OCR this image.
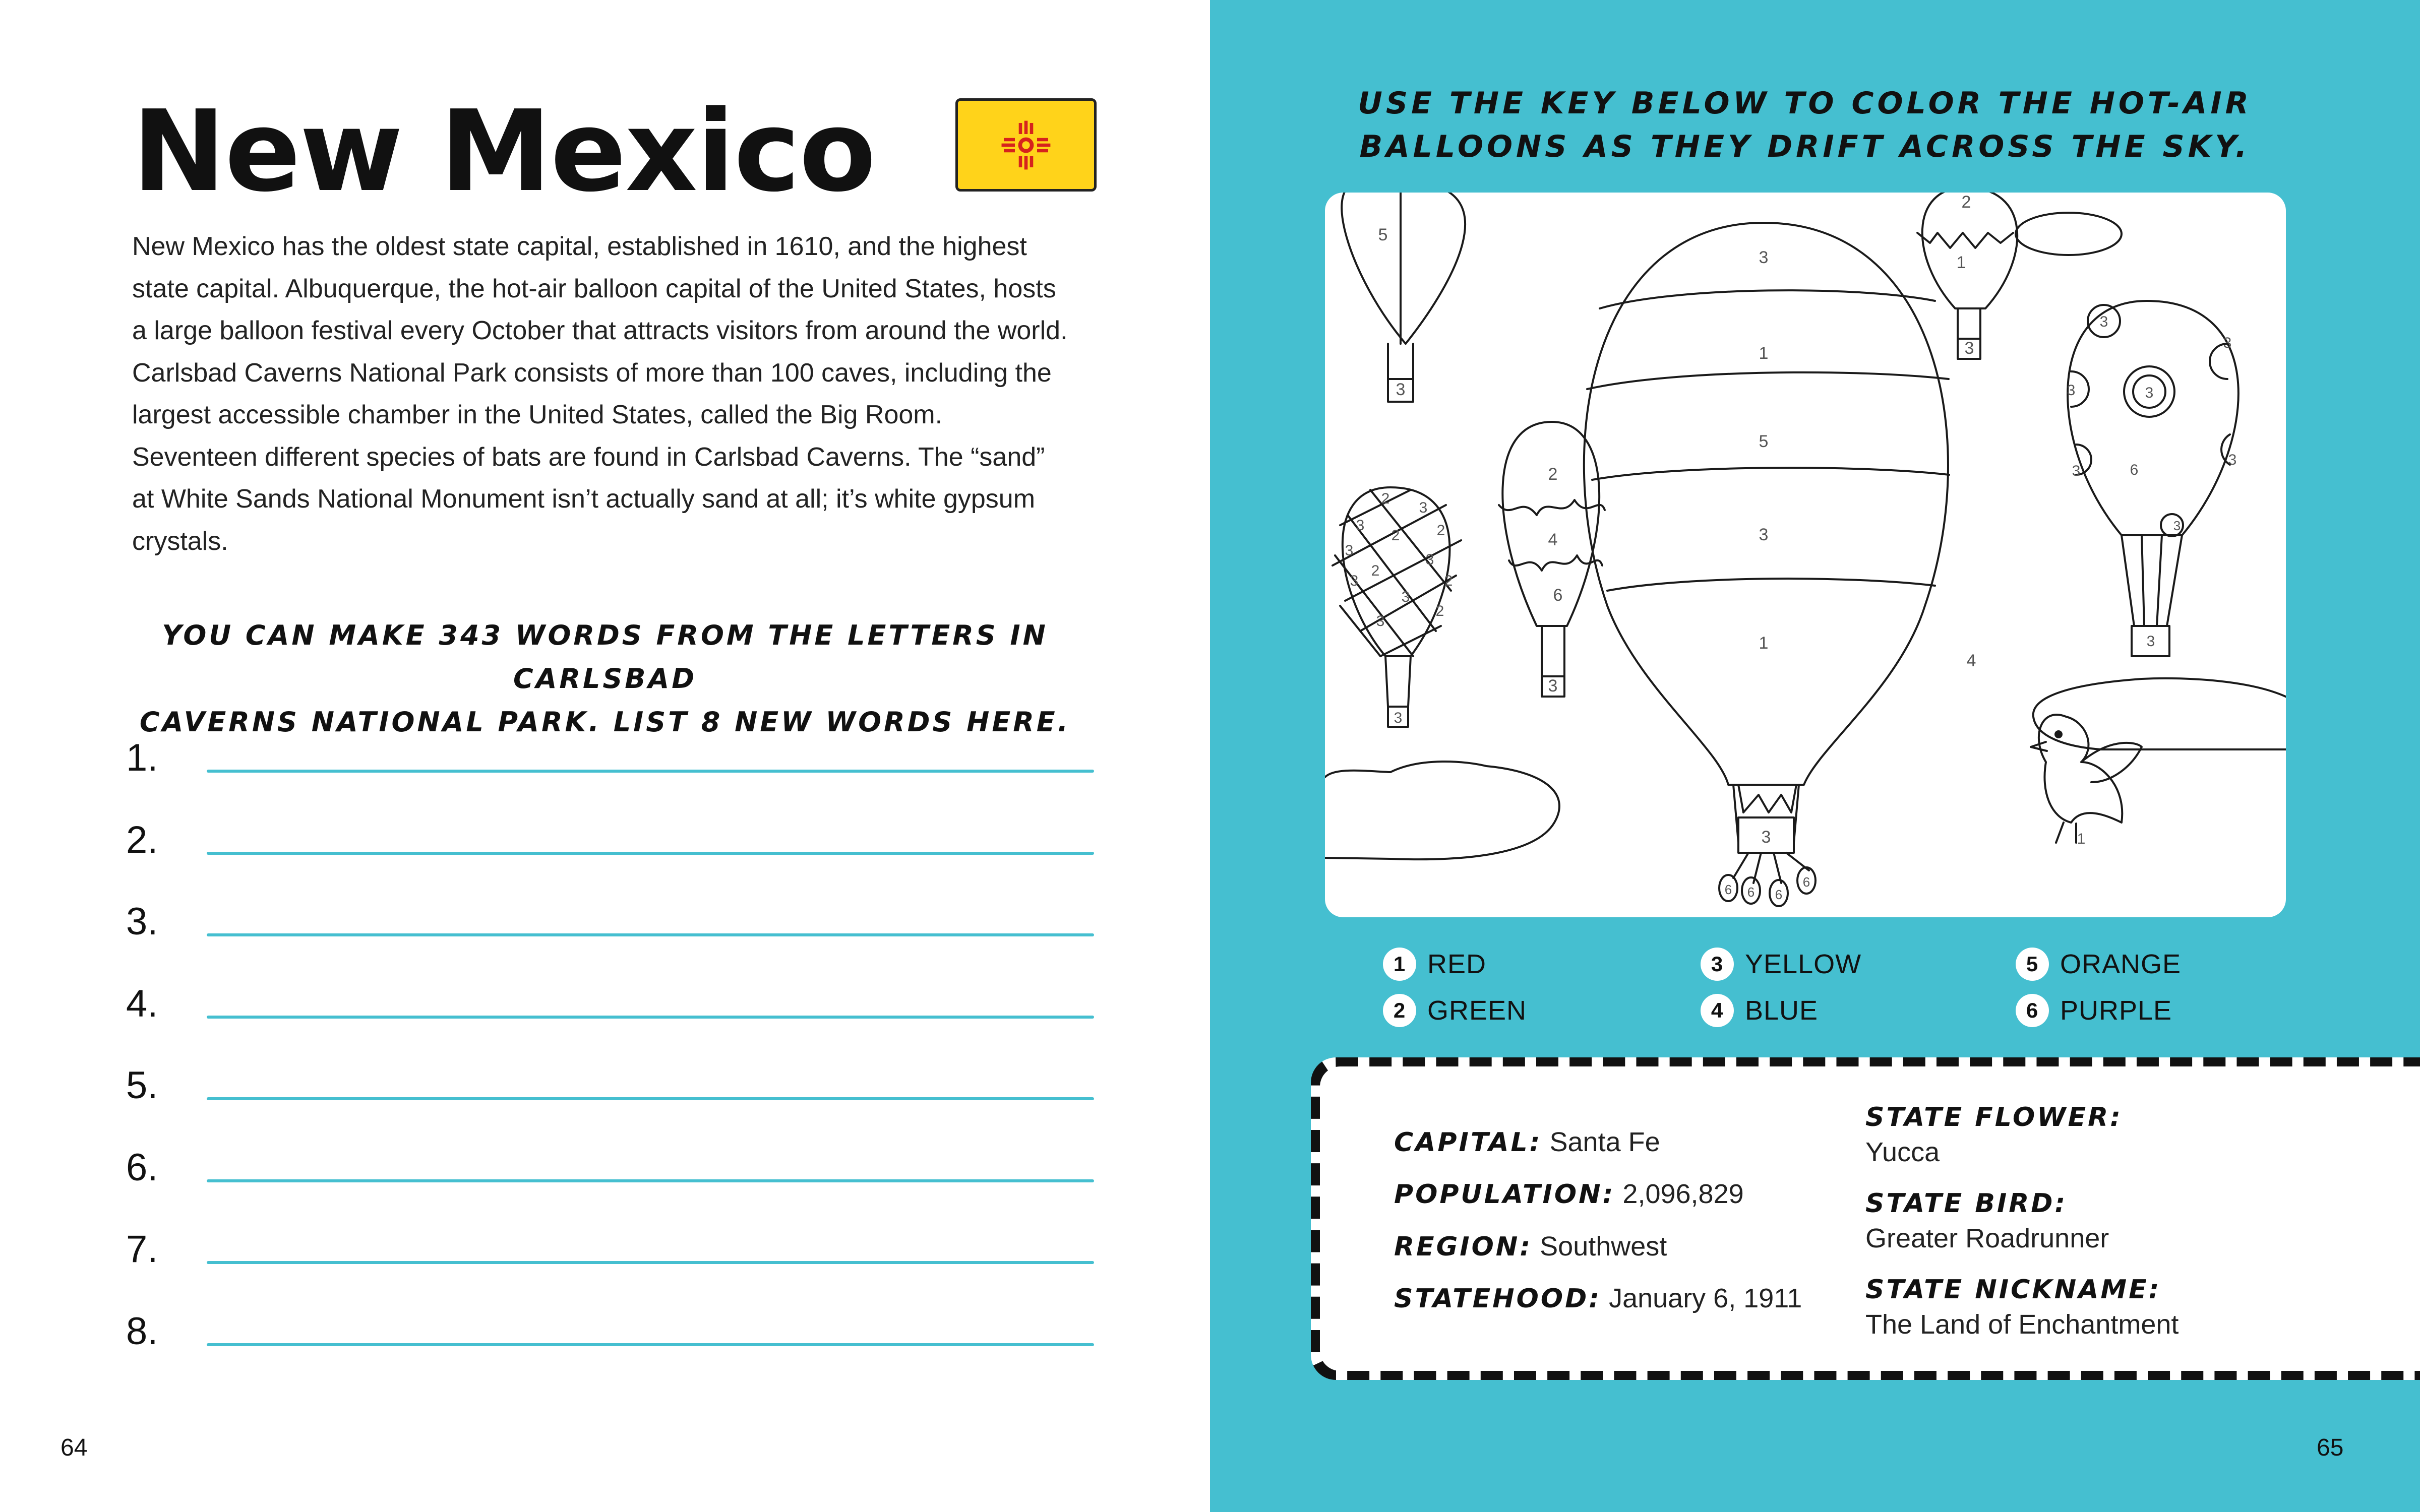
New Mexico

New Mexico has the oldest state capital, established in 1610, and the highest state capital. Albuquerque, the hot-air balloon capital of the United States, hosts a large balloon festival every October that attracts visitors from around the world. Carlsbad Caverns National Park consists of more than 100 caves, including the largest accessible chamber in the United States, called the Big Room. Seventeen different species of bats are found in Carlsbad Caverns. The “sand” at White Sands National Monument isn’t actually sand at all; it’s white gypsum crystals.

YOU CAN MAKE 343 WORDS FROM THE LETTERS IN CARLSBAD
CAVERNS NATIONAL PARK. LIST 8 NEW WORDS HERE.
1.
2.
3.
4.
5.
6.
7.
8.
64
USE THE KEY BELOW TO COLOR THE HOT-AIR
BALLOONS AS THEY DRIFT ACROSS THE SKY.
5
3
2
1
3
3
1
5
3
1
3
6 6 6
6
2
4
6
3
2
3
3
2 2
3
3
2
2
3
3
2
3
3
3
3
3
3
6
3
3
3
3
4
1
1 RED	3 YELLOW	5 ORANGE
2 GREEN	4 BLUE	6 PURPLE
CAPITAL: Santa Fe
POPULATION: 2,096,829
REGION: Southwest
STATEHOOD: January 6, 1911
STATE FLOWER:
Yucca
STATE BIRD:
Greater Roadrunner
STATE NICKNAME:
The Land of Enchantment
65
